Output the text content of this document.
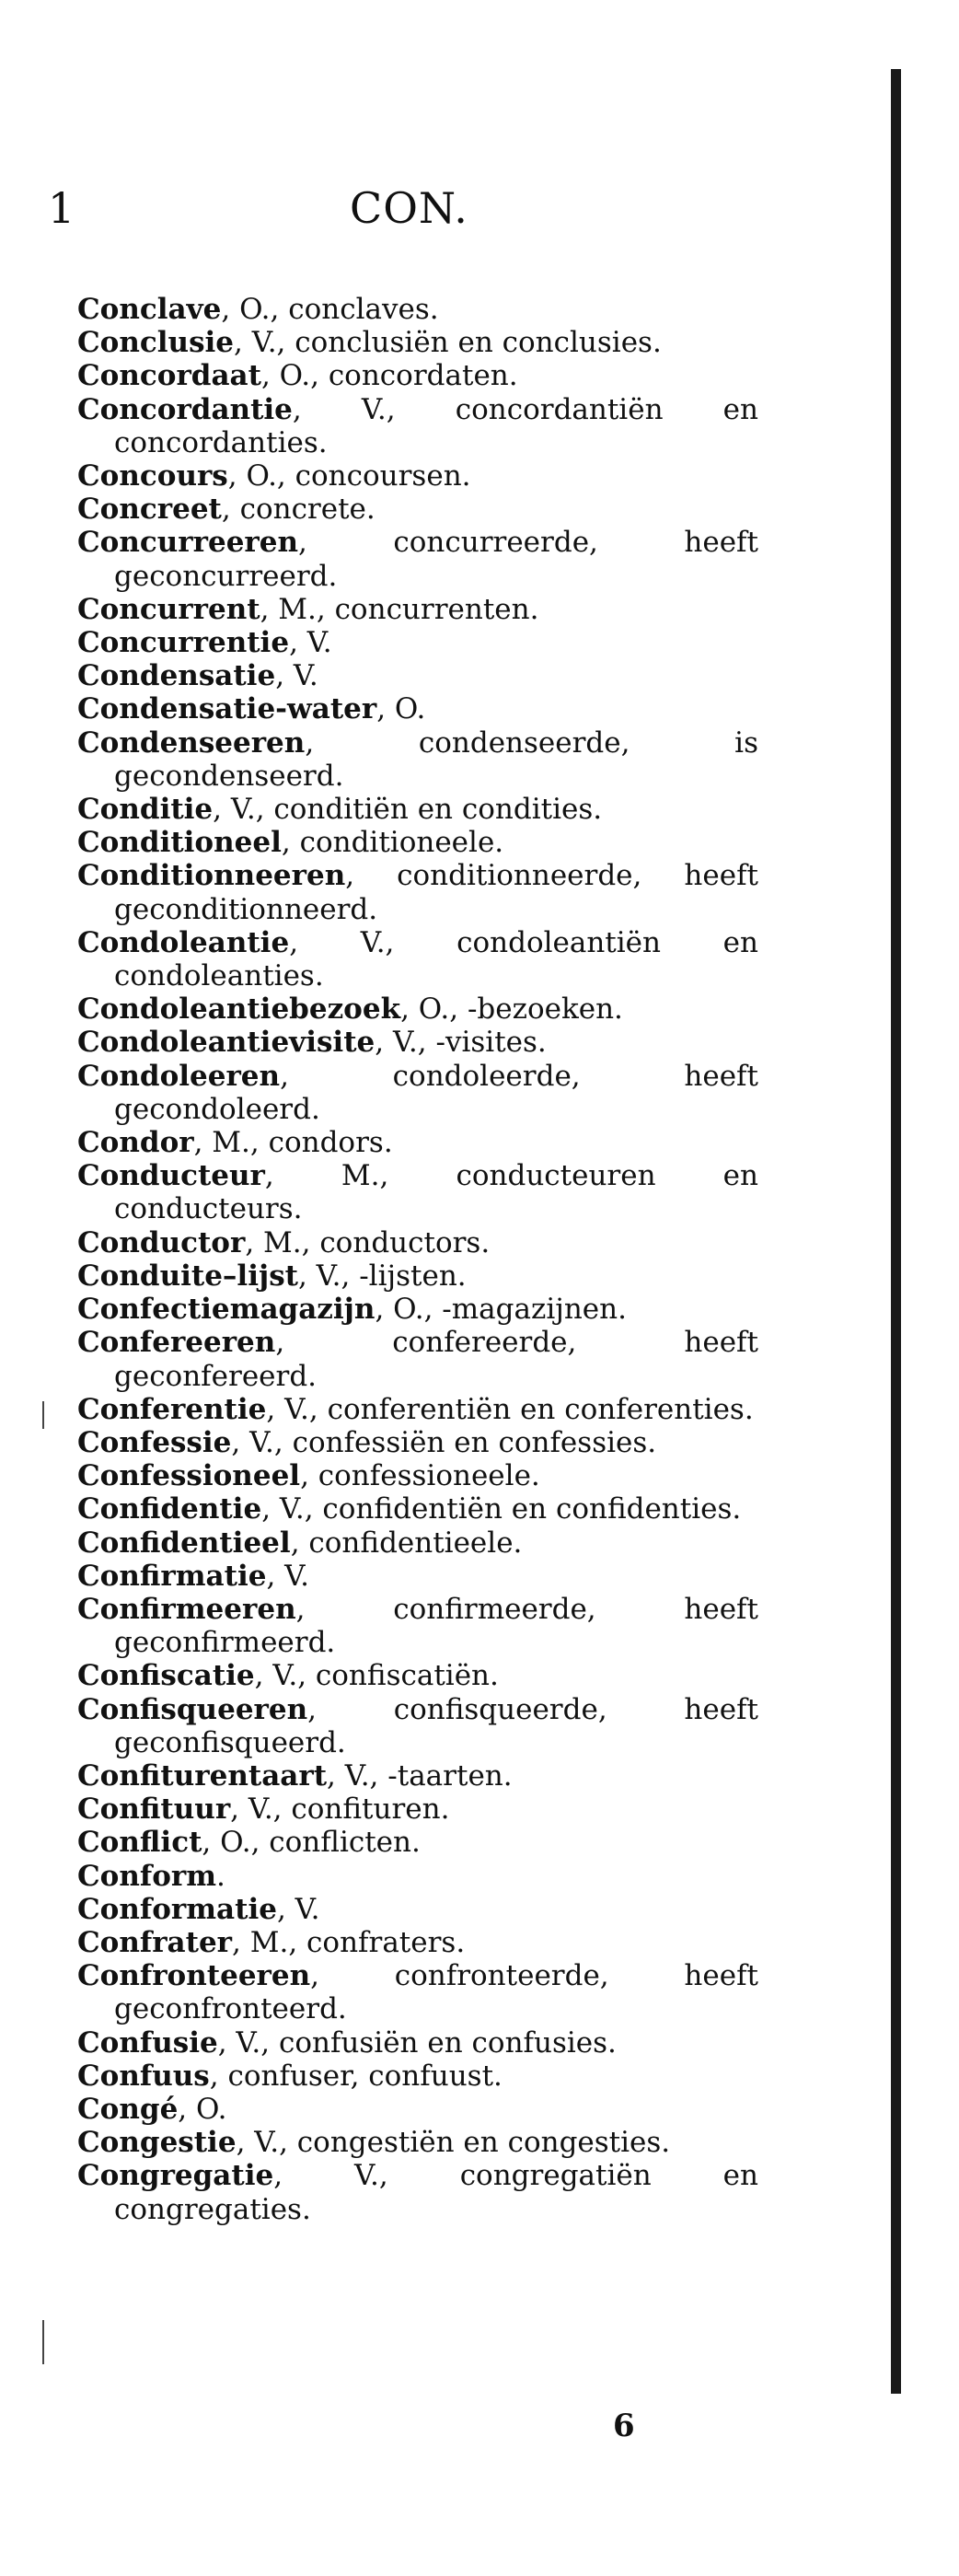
1	CON.
Conclave, O., conclaves.
Conclusie, V., conclusiën en conclusies.
Concordaat, O., concordaten.
Concordantie, V., concordantiën en concordanties.
Concours, O., concoursen.
Concreet, concrete.
Concurreeren, concurreerde, heeft geconcurreerd.
Concurrent, M., concurrenten.
Concurrentie, V.
Condensatie, V.
Condensatie-water, O.
Condenseeren, condenseerde, is gecondenseerd.
Conditie, V., conditiën en condities.
Conditioneel, conditioneele.
Conditionneeren, conditionneerde, heeft geconditionneerd.
Condoleantie, V., condoleantiën en condoleanties.
Condoleantiebezoek, O., -bezoeken.
Condoleantievisite, V., -visites.
Condoleeren, condoleerde, heeft gecondoleerd.
Condor, M., condors.
Conducteur, M., conducteuren en conducteurs.
Conductor, M., conductors.
Conduite–lijst, V., -lijsten.
Confectiemagazijn, O., -magazijnen.
Confereeren, confereerde, heeft geconfereerd.
Conferentie, V., conferentiën en conferenties.
Confessie, V., confessiën en confessies.
Confessioneel, confessioneele.
Confidentie, V., confidentiën en confidenties.
Confidentieel, confidentieele.
Confirmatie, V.
Confirmeeren, confirmeerde, heeft geconfirmeerd.
Confiscatie, V., confiscatiën.
Confisqueeren, confisqueerde, heeft geconfisqueerd.
Confiturentaart, V., -taarten.
Confituur, V., confituren.
Conflict, O., conflicten.
Conform.
Conformatie, V.
Confrater, M., confraters.
Confronteeren, confronteerde, heeft geconfronteerd.
Confusie, V., confusiën en confusies.
Confuus, confuser, confuust.
Congé, O.
Congestie, V., congestiën en congesties.
Congregatie, V., congregatiën en congregaties.
6
